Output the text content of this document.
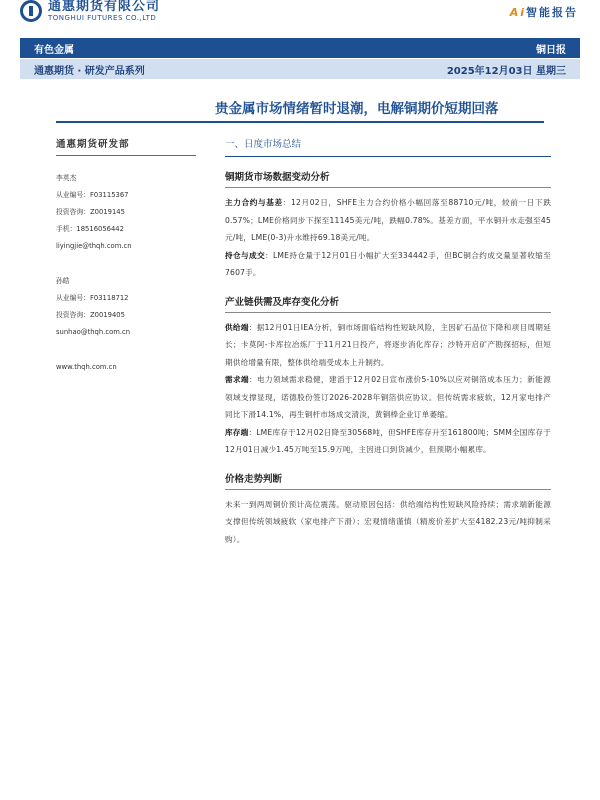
通惠期货有限公司
TONGHUI FUTURES CO.,LTD	Ai智能报告
有色金属	铜日报
通惠期货 · 研发产品系列	2025年12月03日 星期三
贵金属市场情绪暂时退潮，电解铜期价短期回落
通惠期货研发部

李英杰

从业编号：F03115367

投资咨询：Z0019145

手机：18516056442

liyingjie@thqh.com.cn

孙皓

从业编号：F03118712

投资咨询：Z0019405

sunhao@thqh.com.cn

www.thqh.com.cn

一、日度市场总结
铜期货市场数据变动分析

主力合约与基差：12月02日，SHFE主力合约价格小幅回落至88710元/吨，较前一日下跌0.57%；LME价格同步下探至11145美元/吨，跌幅0.78%。基差方面，平水铜升水走强至45元/吨，LME(0-3)升水维持69.18美元/吨。

持仓与成交：LME持仓量于12月01日小幅扩大至334442手，但BC铜合约成交量显著收缩至7607手。

产业链供需及库存变化分析

供给端：据12月01日IEA分析，铜市场面临结构性短缺风险，主因矿石品位下降和项目周期延长；卡莫阿-卡库拉冶炼厂于11月21日投产，将逐步消化库存；沙特开启矿产勘探招标，但短期供给增量有限，整体供给端受成本上升制约。

需求端：电力领域需求稳健，建滔于12月02日宣布涨价5-10%以应对铜箔成本压力；新能源领域支撑显现，诺德股份签订2026-2028年铜箔供应协议。但传统需求疲软，12月家电排产同比下滑14.1%，再生铜杆市场成交清淡，黄铜棒企业订单萎缩。

库存端：LME库存于12月02日降至30568吨，但SHFE库存升至161800吨；SMM全国库存于12月01日减少1.45万吨至15.9万吨，主因进口到货减少，但预期小幅累库。

价格走势判断

未来一到两周铜价预计高位震荡。驱动原因包括：供给端结构性短缺风险持续；需求端新能源支撑但传统领域疲软（家电排产下滑）；宏观情绪谨慎（精废价差扩大至4182.23元/吨抑制采购）。
